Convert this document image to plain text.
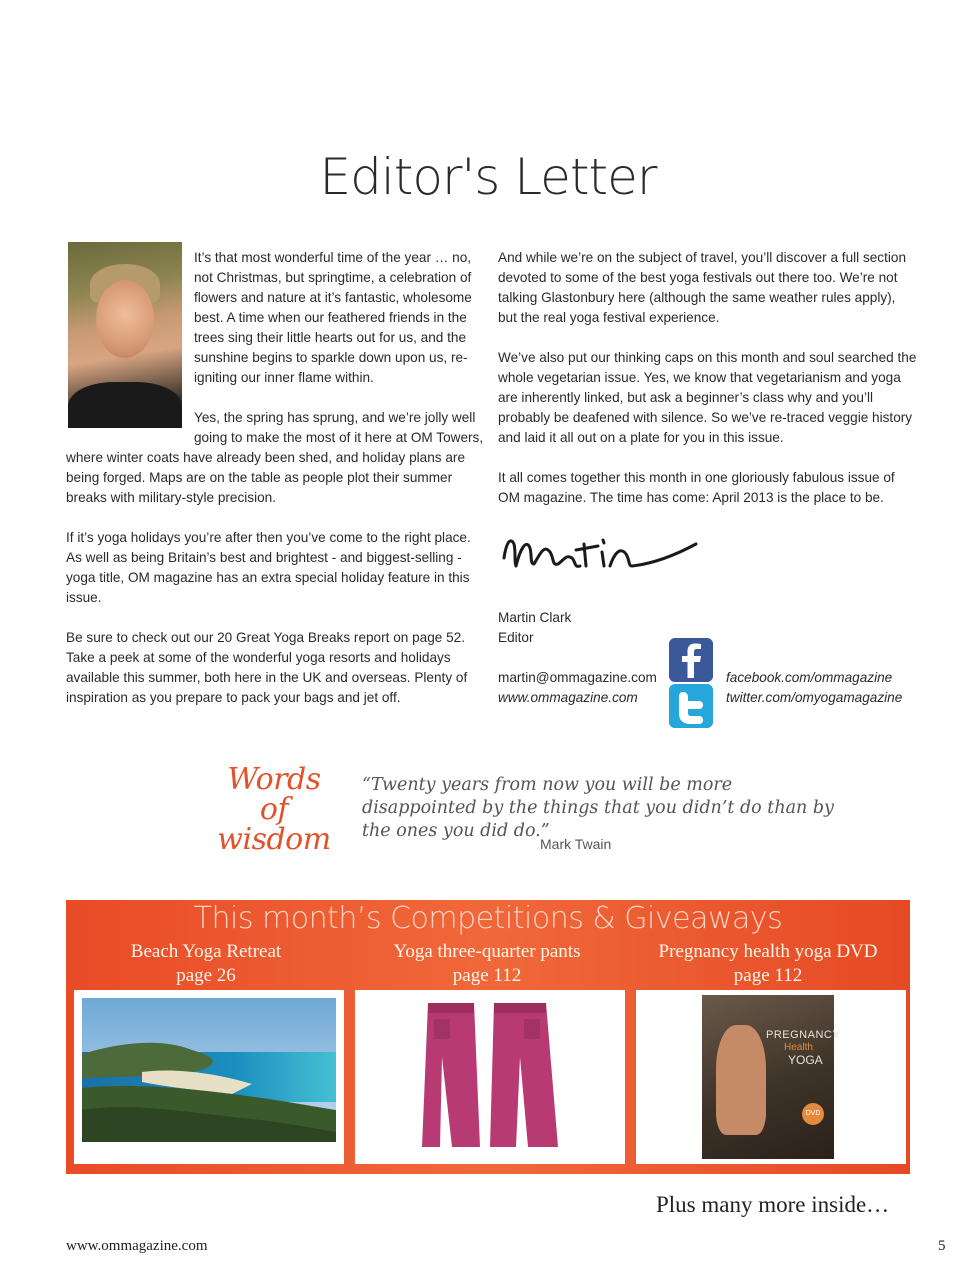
Editor's Letter

It’s that most wonderful time of the year … no, not Christmas, but springtime, a celebration of flowers and nature at it’s fantastic, wholesome best. A time when our feathered friends in the trees sing their little hearts out for us, and the sunshine begins to sparkle down upon us, re-igniting our inner flame within.

Yes, the spring has sprung, and we’re jolly well going to make the most of it here at OM Towers, where winter coats have already been shed, and holiday plans are being forged. Maps are on the table as people plot their summer breaks with military-style precision.

If it’s yoga holidays you’re after then you’ve come to the right place. As well as being Britain’s best and brightest - and biggest-selling - yoga title, OM magazine has an extra special holiday feature in this issue.

Be sure to check out our 20 Great Yoga Breaks report on page 52. Take a peek at some of the wonderful yoga resorts and holidays available this summer, both here in the UK and overseas. Plenty of inspiration as you prepare to pack your bags and jet off.

And while we’re on the subject of travel, you’ll discover a full section devoted to some of the best yoga festivals out there too. We’re not talking Glastonbury here (although the same weather rules apply), but the real yoga festival experience.

We’ve also put our thinking caps on this month and soul searched the whole vegetarian issue. Yes, we know that vegetarianism and yoga are inherently linked, but ask a beginner’s class why and you’ll probably be deafened with silence. So we’ve re-traced veggie history and laid it all out on a plate for you in this issue.

It all comes together this month in one gloriously fabulous issue of OM magazine. The time has come: April 2013 is the place to be.

Martin Clark
Editor
martin@ommagazine.com
www.ommagazine.com
facebook.com/ommagazine
twitter.com/omyogamagazine
Words of
wisdom
“Twenty years from now you will be more disappointed by the things that you didn’t do than by the ones you did do.”
Mark Twain
This month’s Competitions & Giveaways
Beach Yoga Retreat
page 26
Yoga three-quarter pants
page 112
Pregnancy health yoga DVD
page 112
PREGNANCY
Health
YOGA
DVD
Plus many more inside…
www.ommagazine.com	5
